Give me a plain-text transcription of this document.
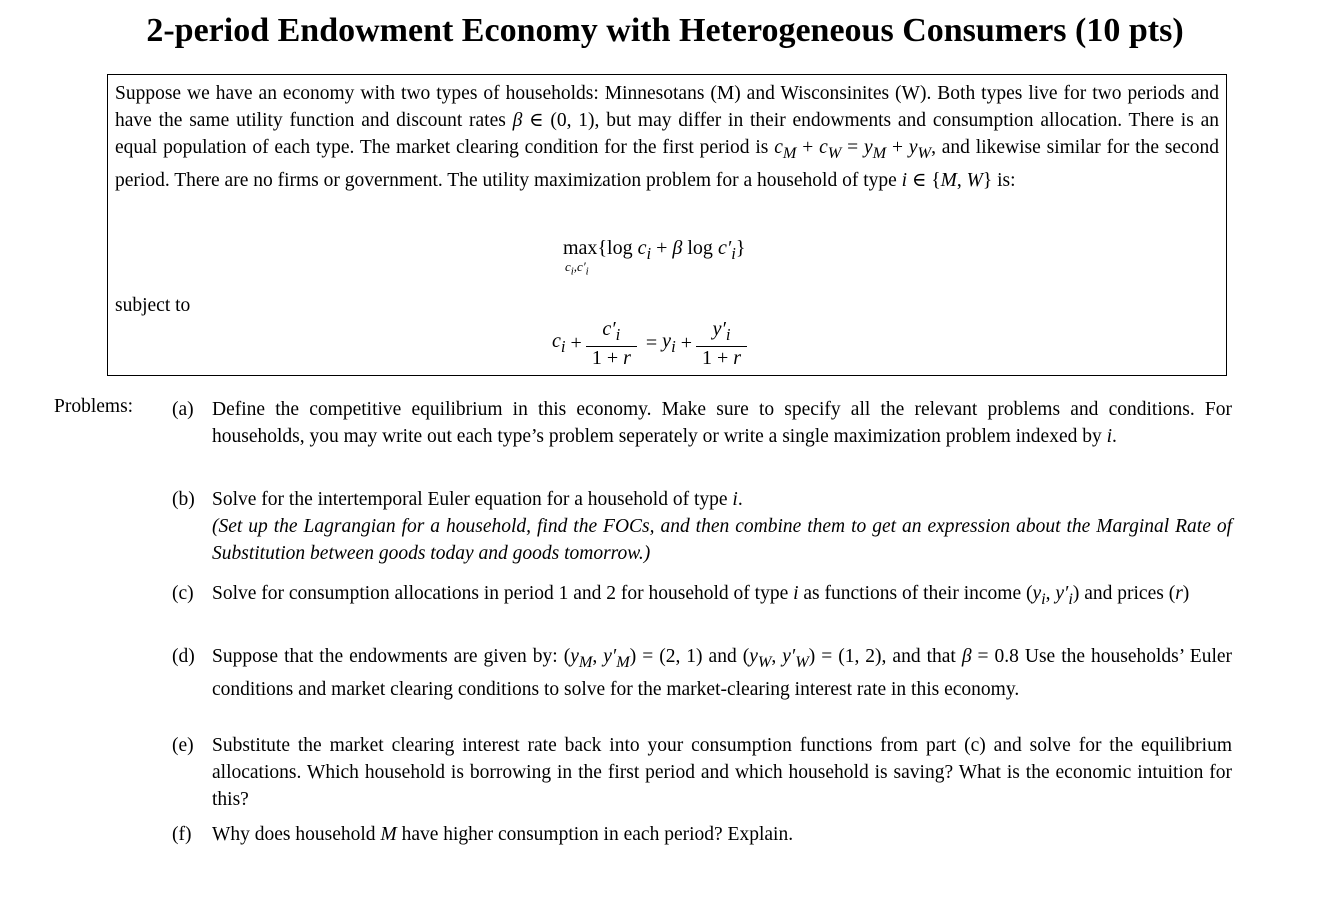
2-period Endowment Economy with Heterogeneous Consumers (10 pts)
Suppose we have an economy with two types of households: Minnesotans (M) and Wisconsinites (W). Both types live for two periods and have the same utility function and discount rates β ∈ (0, 1), but may differ in their endowments and consumption allocation. There is an equal population of each type. The market clearing condition for the first period is $c_M + c_W = y_M + y_W$, and likewise similar for the second period. There are no firms or government. The utility maximization problem for a household of type i ∈ {M, W} is:
max
$c_i,c'_i$
{log $c_i + \beta$ $\log c'_i$}
subject to
$c_i + \frac{c'_i}{1 + r} = y_i + \frac{y'_i}{1 + r}$
Problems: (a) Define the competitive equilibrium in this economy. Make sure to specify all the relevant problems and conditions. For households, you may write out each type’s problem seperately or write a single maximization problem indexed by i.
(b) Solve for the intertemporal Euler equation for a household of type i.
(Set up the Lagrangian for a household, find the FOCs, and then combine them to get an expression about the Marginal Rate of Substitution between goods today and goods tomorrow.)
(c) Solve for consumption allocations in period 1 and 2 for household of type i as functions of their income ($y_i$, $y'_i$) and prices (r)
(d) Suppose that the endowments are given by: ($y_M$, $y'_M) = (2$, 1) and ($y_W$, $y'_W) = (1$, 2), and that β = 0.8 Use the households’ Euler conditions and market clearing conditions to solve for the market-clearing interest rate in this economy.
(e) Substitute the market clearing interest rate back into your consumption functions from part (c) and solve for the equilibrium allocations. Which household is borrowing in the first period and which household is saving? What is the economic intuition for this?
(f) Why does household M have higher consumption in each period? Explain.
